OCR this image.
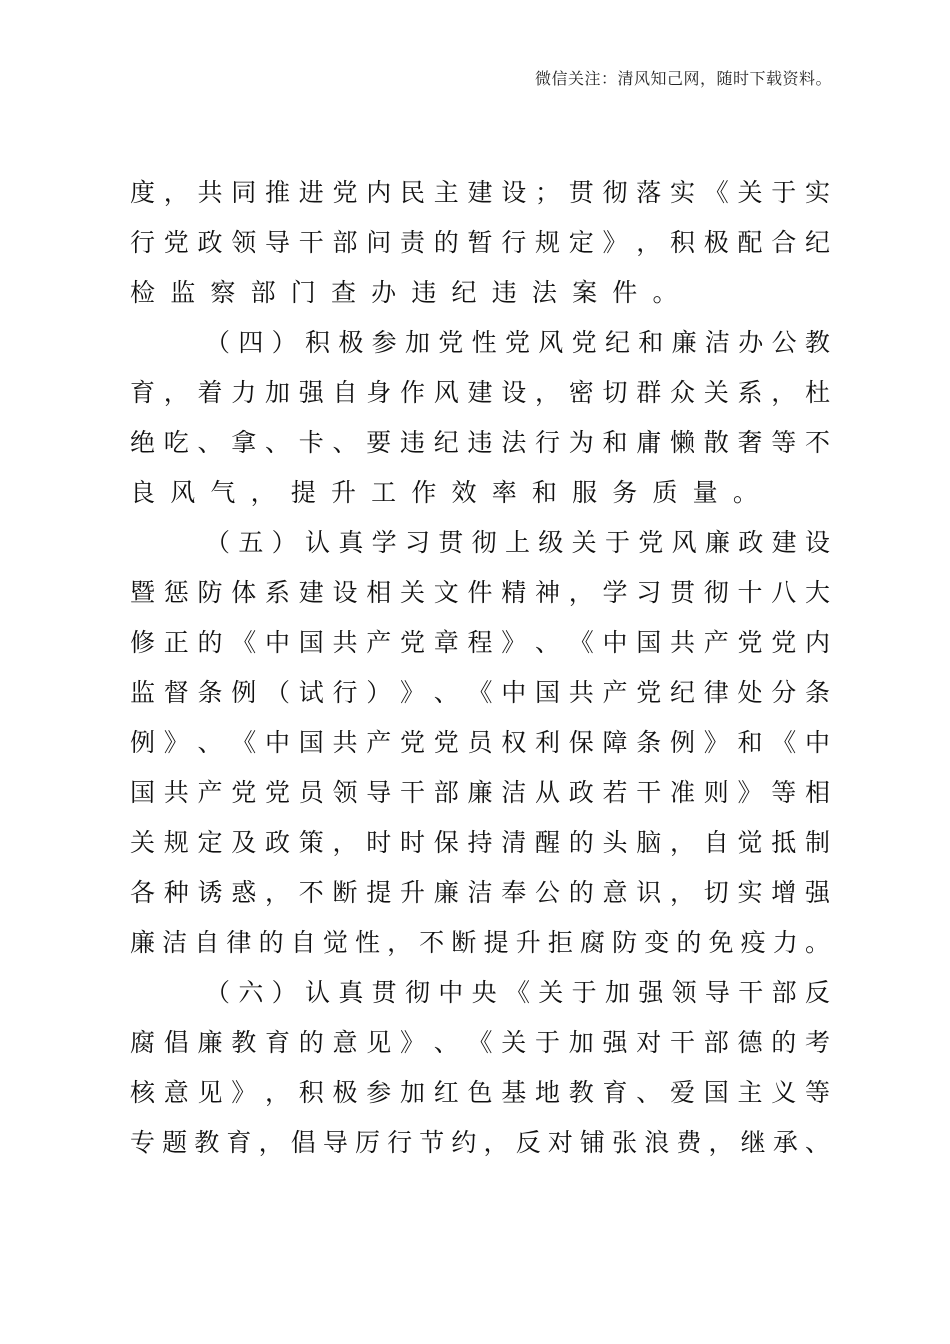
微信关注：清风知己网，随时下载资料。
度 ， 共 同 推 进 党 内 民 主 建 设 ； 贯 彻 落 实 《 关 于 实
行 党 政 领 导 干 部 问 责 的 暂 行 规 定 》 ， 积 极 配 合 纪
检 监 察 部 门 查 办 违 纪 违 法 案 件 。
（ 四 ） 积 极 参 加 党 性 党 风 党 纪 和 廉 洁 办 公 教
育 ， 着 力 加 强 自 身 作 风 建 设 ， 密 切 群 众 关 系 ， 杜
绝 吃 、 拿 、 卡 、 要 违 纪 违 法 行 为 和 庸 懒 散 奢 等 不
良 风 气 ， 提 升 工 作 效 率 和 服 务 质 量 。
（ 五 ） 认 真 学 习 贯 彻 上 级 关 于 党 风 廉 政 建 设
暨 惩 防 体 系 建 设 相 关 文 件 精 神 ， 学 习 贯 彻 十 八 大
修 正 的 《 中 国 共 产 党 章 程 》 、 《 中 国 共 产 党 党 内
监 督 条 例 （ 试 行 ） 》 、 《 中 国 共 产 党 纪 律 处 分 条
例 》 、 《 中 国 共 产 党 党 员 权 利 保 障 条 例 》 和 《 中
国 共 产 党 党 员 领 导 干 部 廉 洁 从 政 若 干 准 则 》 等 相
关 规 定 及 政 策 ， 时 时 保 持 清 醒 的 头 脑 ， 自 觉 抵 制
各 种 诱 惑 ， 不 断 提 升 廉 洁 奉 公 的 意 识 ， 切 实 增 强
廉 洁 自 律 的 自 觉 性 ， 不 断 提 升 拒 腐 防 变 的 免 疫 力 。
（ 六 ） 认 真 贯 彻 中 央 《 关 于 加 强 领 导 干 部 反
腐 倡 廉 教 育 的 意 见 》 、 《 关 于 加 强 对 干 部 德 的 考
核 意 见 》 ， 积 极 参 加 红 色 基 地 教 育 、 爱 国 主 义 等
专 题 教 育 ， 倡 导 厉 行 节 约 ， 反 对 铺 张 浪 费 ， 继 承 、
